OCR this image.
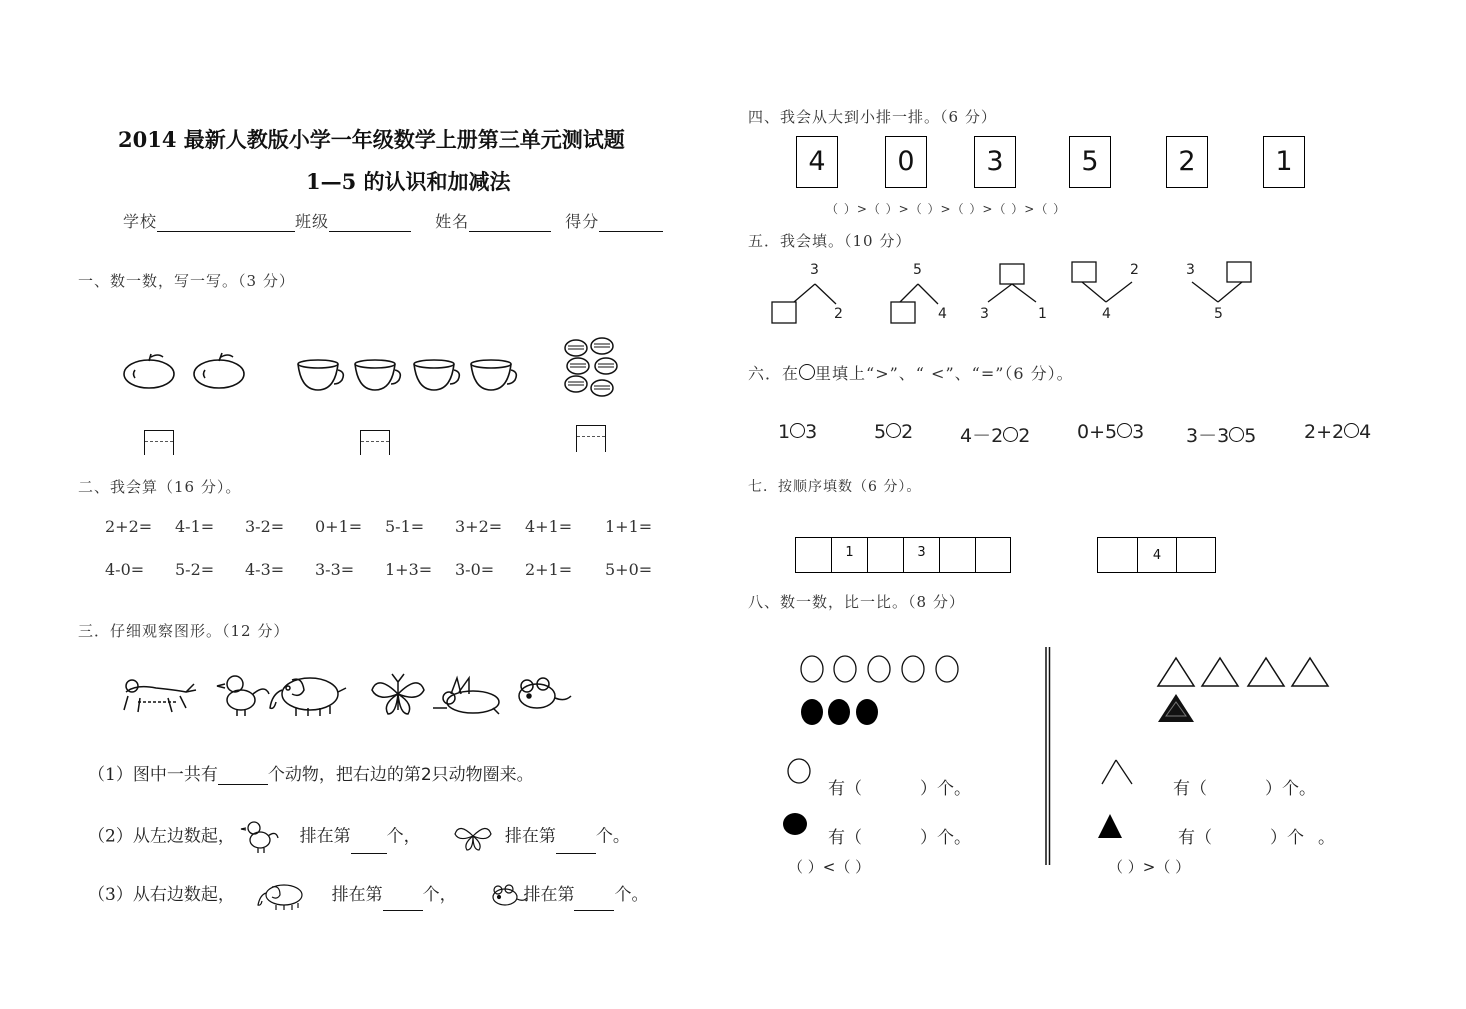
2014 最新人教版小学一年级数学上册第三单元测试题
1—5 的认识和加减法
学校	班级	姓名	得分
一、数一数，写一写。（3 分）
二、我会算（16 分）。
2+2= 4-1= 3-2= 0+1= 5-1= 3+2= 4+1= 1+1=
4-0= 5-2= 4-3= 3-3= 1+3= 3-0= 2+1= 5+0=
三．仔细观察图形。（12 分）
（1）图中一共有	个动物，把右边的第2只动物圈来。
（2）从左边数起，	排在第 个，	排在第 个。
（3）从右边数起，	排在第 个，	排在第 个。
四、我会从大到小排一排。（6 分）
4	0	3	5	2	1
（ ）>（ ）>（ ）>（ ）>（ ）>（ ）
五．我会填。（10 分）
3
2
5
4 3	1
2
4
3
5
六．在 里填上“>”、“ <”、“=”（6 分）。
1 3	5 2 4－2 2 0+5 3 3－3 5	2+2 4
七．按顺序填数（6 分）。
1	3	4
八、数一数，比一比。（8 分）
有（	）个。
有（	）个。
（ ）<（ ）
有（	）个。
有（	）个 。
（ ）>（ ）
